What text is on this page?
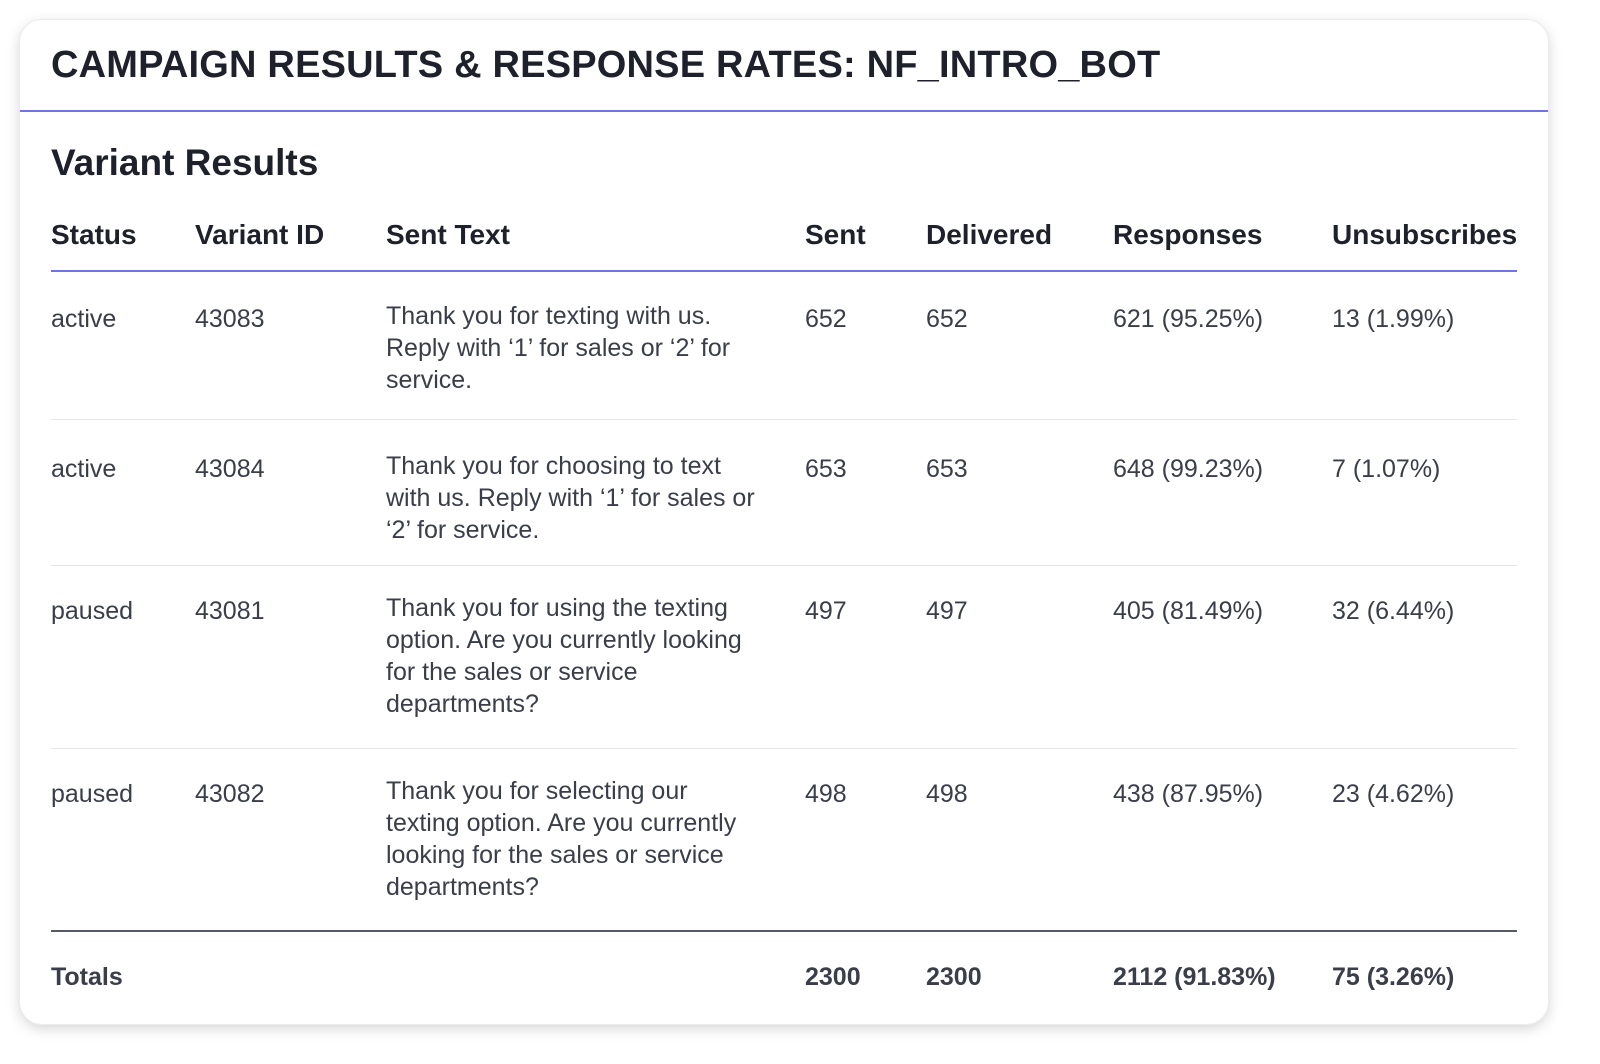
CAMPAIGN RESULTS & RESPONSE RATES: NF_INTRO_BOT
Variant Results
Status	Variant ID	Sent Text	Sent	Delivered	Responses	Unsubscribes
active	43083	Thank you for texting with us. Reply with ‘1’ for sales or ‘2’ for service.	652	652	621 (95.25%)	13 (1.99%)
active	43084	Thank you for choosing to text with us. Reply with ‘1’ for sales or ‘2’ for service.	653	653	648 (99.23%)	7 (1.07%)
paused	43081	Thank you for using the texting option. Are you currently looking for the sales or service departments?	497	497	405 (81.49%)	32 (6.44%)
paused	43082	Thank you for selecting our texting option. Are you currently looking for the sales or service departments?	498	498	438 (87.95%)	23 (4.62%)
Totals			2300	2300	2112 (91.83%)	75 (3.26%)
